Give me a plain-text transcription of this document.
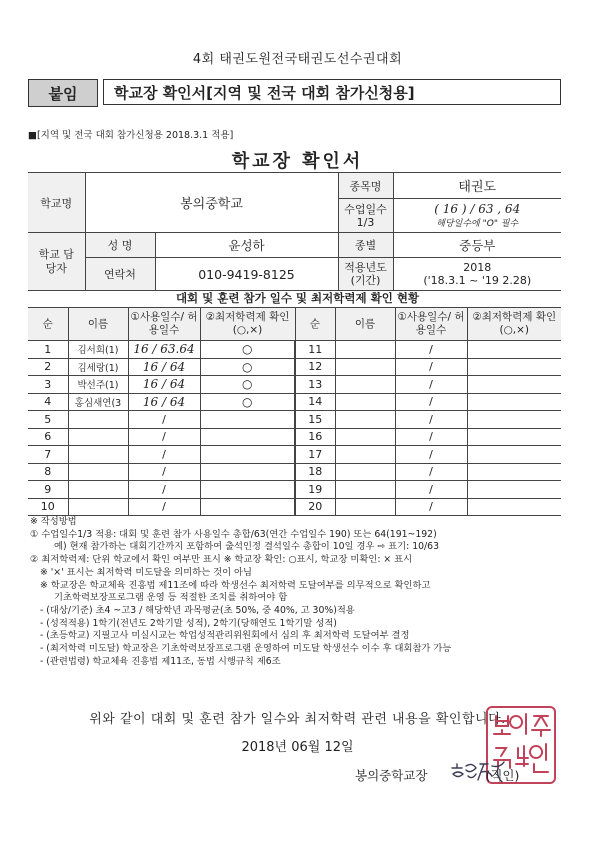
4회 태권도원전국태권도선수권대회
붙임	학교장 확인서[지역 및 전국 대회 참가신청용]
■[지역 및 전국 대회 참가신청용 2018.3.1 적용]
학교장 확인서
학교명	봉의중학교		종목명	태권도
			수업일수 1/3	( 16 ) / 63 , 64
해당일수에 "O" 필수

학교 담당자	성 명	윤성하	종별	중등부
	연락처	010-9419-8125	적용년도 (기간)	2018
('18.3.1 ~ '19 2.28)
대회 및 훈련 참가 일수 및 최저학력제 확인 현황
순	이름	①사용일수/ 허용일수	②최저학력제 확인(○,×)	순	이름	①사용일수/ 허용일수	②최저학력제 확인(○,×)
1	김서희(1)	16 / 63.64	○	11		/	
2	김세랑(1)	16 / 64	○	12		/	
3	박선주(1)	16 / 64	○	13		/	
4	홍심새연(3	16 / 64	○	14		/	
5		/		15		/	
6		/		16		/	
7		/		17		/	
8		/		18		/	
9		/		19		/	
10		/		20		/	
※ 작성방법
① 수업일수1/3 적용: 대회 및 훈련 참가 사용일수 총합/63(연간 수업일수 190) 또는 64(191~192)
예) 현재 참가하는 대회기간까지 포함하여 출석인정 결석일수 총합이 10일 경우 ⇨ 표기: 10/63
② 최저학력제: 단위 학교에서 확인 여부만 표시 ※ 학교장 확인: ○표시, 학교장 미확인: × 표시
※ '×' 표시는 최저학력 미도달을 의미하는 것이 아님
※ 학교장은 학교체육 진흥법 제11조에 따라 학생선수 최저학력 도달여부를 의무적으로 확인하고
기초학력보장프로그램 운영 등 적절한 조치를 취하여야 함
- (대상/기준) 초4 ~고3 / 해당학년 과목평균(초 50%, 중 40%, 고 30%)적용
- (성적적용) 1학기(전년도 2학기말 성적), 2학기(당해연도 1학기말 성적)
- (초등학교) 지필고사 미실시교는 학업성적관리위원회에서 심의 후 최저학력 도달여부 결정
- (최저학력 미도달) 학교장은 기초학력보장프로그램 운영하여 미도달 학생선수 이수 후 대회참가 가능
- (관련법령) 학교체육 진흥법 제11조, 동법 시행규칙 제6조
위와 같이 대회 및 훈련 참가 일수와 최저학력 관련 내용을 확인합니다.
2018년 06월 12일
봉의중학교장	(직인)
